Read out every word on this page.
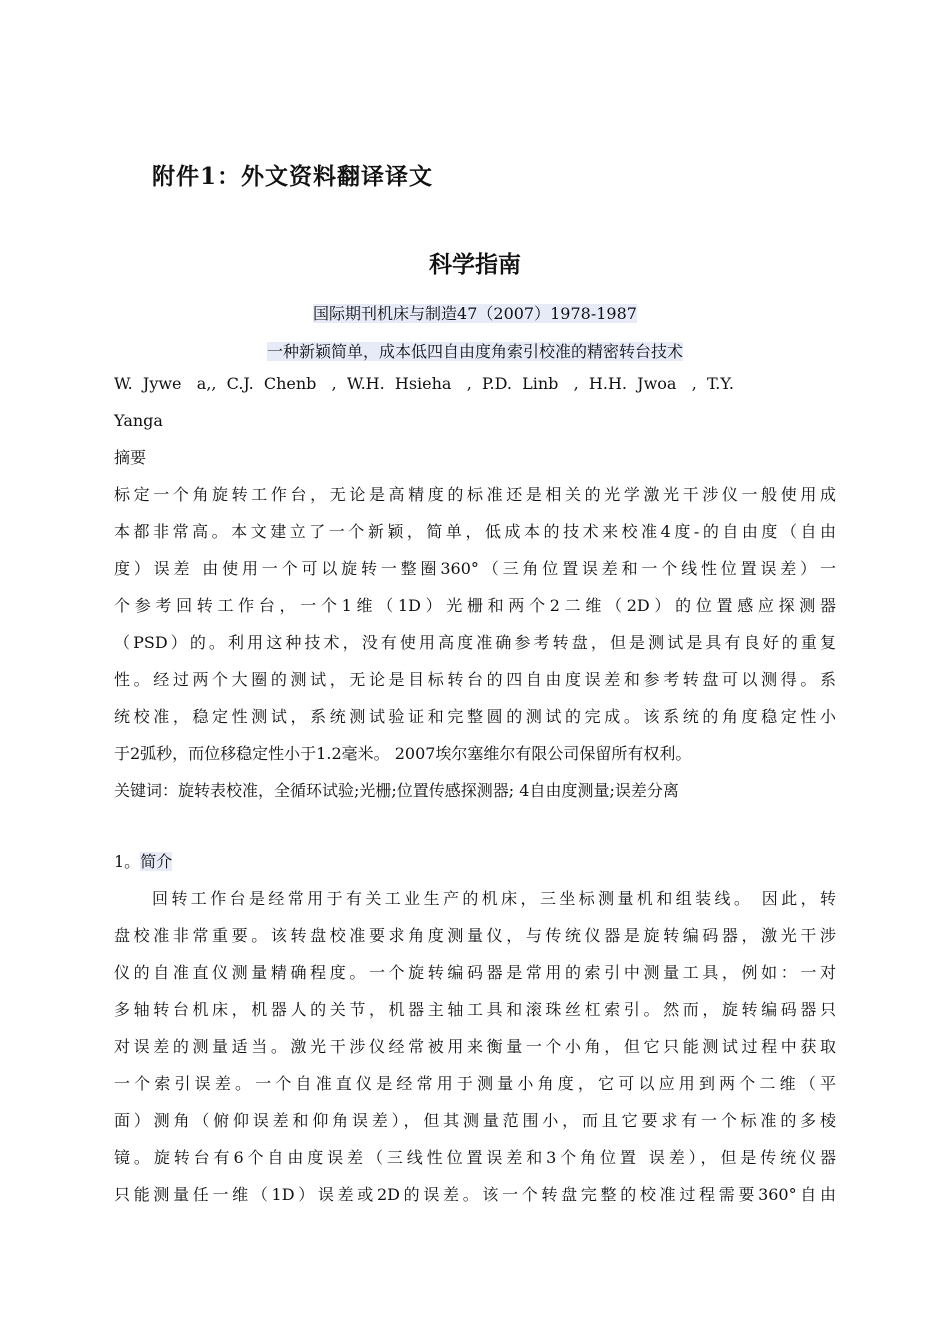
附件1：外文资料翻译译文
科学指南
国际期刊机床与制造47（2007）1978-1987
一种新颖简单，成本低四自由度角索引校准的精密转台技术
W.  Jywe   a,,  C.J.  Chenb   ,  W.H.  Hsieha   ,  P.D.  Linb   ,  H.H.  Jwoa   ,  T.Y.
Yanga
摘要
标定一个角旋转工作台，无论是高精度的标准还是相关的光学激光干涉仪一般使用成
本都非常高。本文建立了一个新颖，简单，低成本的技术来校准4度-的自由度（自由
度）误差 由使用一个可以旋转一整圈360°（三角位置误差和一个线性位置误差）一
个参考回转工作台，一个1维（1D）光栅和两个2二维（2D）的位置感应探测器
（PSD）的。利用这种技术，没有使用高度准确参考转盘，但是测试是具有良好的重复
性。经过两个大圈的测试，无论是目标转台的四自由度误差和参考转盘可以测得。系
统校准，稳定性测试，系统测试验证和完整圆的测试的完成。该系统的角度稳定性小
于2弧秒，而位移稳定性小于1.2毫米。 2007埃尔塞维尔有限公司保留所有权利。
关键词：旋转表校准，全循环试验;光栅;位置传感探测器; 4自由度测量;误差分离
1。简介
回转工作台是经常用于有关工业生产的机床，三坐标测量机和组装线。 因此，转
盘校准非常重要。该转盘校准要求角度测量仪，与传统仪器是旋转编码器，激光干涉
仪的自准直仪测量精确程度。一个旋转编码器是常用的索引中测量工具，例如：一对
多轴转台机床，机器人的关节，机器主轴工具和滚珠丝杠索引。然而，旋转编码器只
对误差的测量适当。激光干涉仪经常被用来衡量一个小角，但它只能测试过程中获取
一个索引误差。一个自准直仪是经常用于测量小角度，它可以应用到两个二维（平
面）测角（俯仰误差和仰角误差），但其测量范围小，而且它要求有一个标准的多棱
镜。旋转台有6个自由度误差（三线性位置误差和3个角位置 误差），但是传统仪器
只能测量任一维（1D）误差或2D的误差。该一个转盘完整的校准过程需要360°自由
